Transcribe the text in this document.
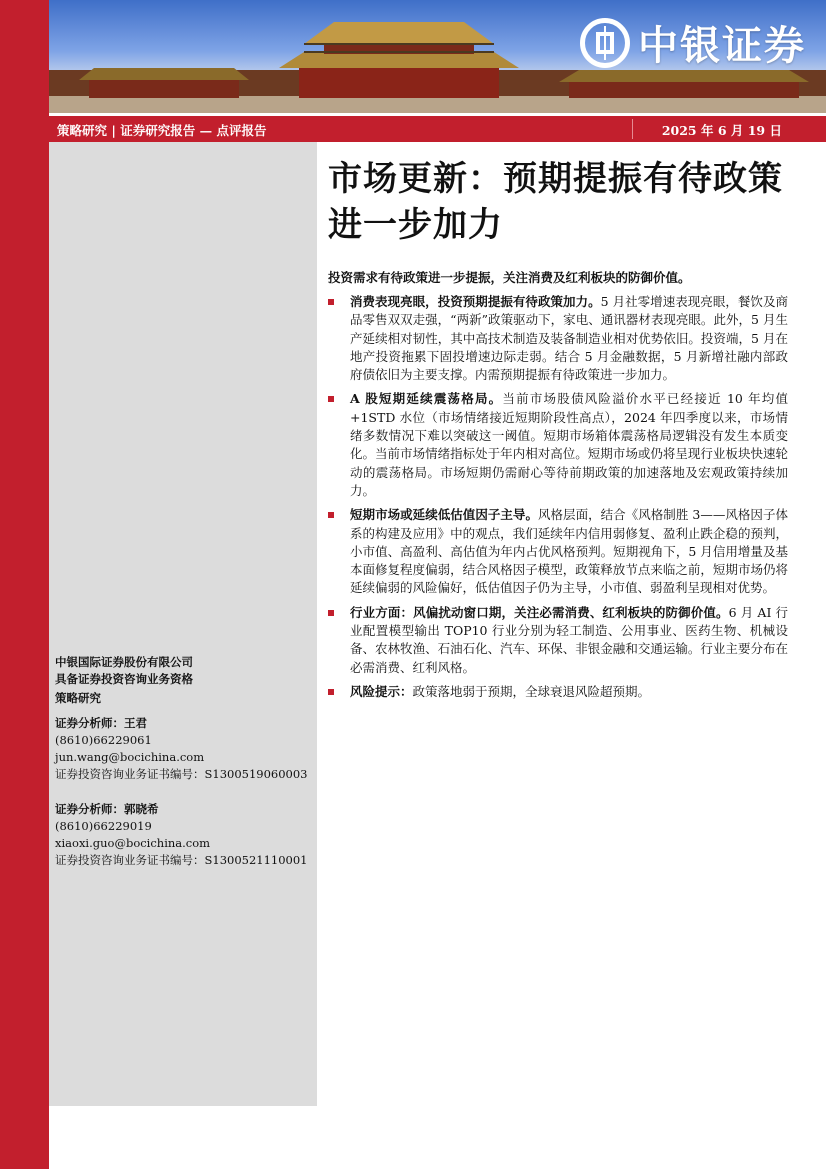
中银证券
策略研究 | 证券研究报告 — 点评报告	2025 年 6 月 19 日
中银国际证券股份有限公司
具备证券投资咨询业务资格
策略研究
证券分析师：王君
(8610)66229061
jun.wang@bocichina.com
证券投资咨询业务证书编号：S1300519060003
证券分析师：郭晓希
(8610)66229019
xiaoxi.guo@bocichina.com
证券投资咨询业务证书编号：S1300521110001
市场更新：预期提振有待政策进一步加力
投资需求有待政策进一步提振，关注消费及红利板块的防御价值。
消费表现亮眼，投资预期提振有待政策加力。5 月社零增速表现亮眼，餐饮及商品零售双双走强，“两新”政策驱动下，家电、通讯器材表现亮眼。此外，5 月生产延续相对韧性，其中高技术制造及装备制造业相对优势依旧。投资端，5 月在地产投资拖累下固投增速边际走弱。结合 5 月金融数据，5 月新增社融内部政府债依旧为主要支撑。内需预期提振有待政策进一步加力。
A 股短期延续震荡格局。当前市场股债风险溢价水平已经接近 10 年均值+1STD 水位（市场情绪接近短期阶段性高点），2024 年四季度以来，市场情绪多数情况下难以突破这一阈值。短期市场箱体震荡格局逻辑没有发生本质变化。当前市场情绪指标处于年内相对高位。短期市场或仍将呈现行业板块快速轮动的震荡格局。市场短期仍需耐心等待前期政策的加速落地及宏观政策持续加力。
短期市场或延续低估值因子主导。风格层面，结合《风格制胜 3——风格因子体系的构建及应用》中的观点，我们延续年内信用弱修复、盈利止跌企稳的预判，小市值、高盈利、高估值为年内占优风格预判。短期视角下，5 月信用增量及基本面修复程度偏弱，结合风格因子模型，政策释放节点来临之前，短期市场仍将延续偏弱的风险偏好，低估值因子仍为主导，小市值、弱盈利呈现相对优势。
行业方面：风偏扰动窗口期，关注必需消费、红利板块的防御价值。6 月 AI 行业配置模型输出 TOP10 行业分别为轻工制造、公用事业、医药生物、机械设备、农林牧渔、石油石化、汽车、环保、非银金融和交通运输。行业主要分布在必需消费、红利风格。
风险提示：政策落地弱于预期，全球衰退风险超预期。
